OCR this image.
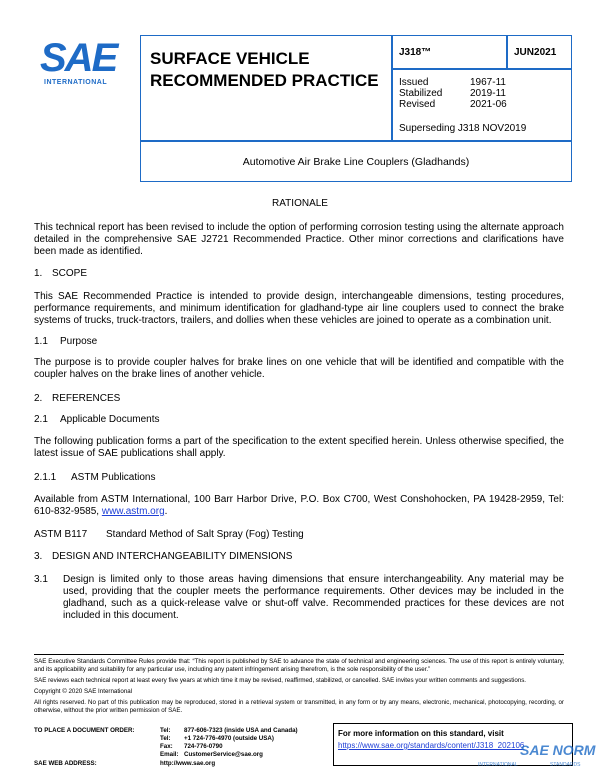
SAE
INTERNATIONAL
SURFACE VEHICLE
RECOMMENDED PRACTICE
J318™	JUN2021
Issued	1967-11
Stabilized	2019-11
Revised	2021-06
Superseding J318 NOV2019
Automotive Air Brake Line Couplers (Gladhands)
RATIONALE

This technical report has been revised to include the option of performing corrosion testing using the alternate approach detailed in the comprehensive SAE J2721 Recommended Practice. Other minor corrections and clarifications have been made as identified.

1. SCOPE

This SAE Recommended Practice is intended to provide design, interchangeable dimensions, testing procedures, performance requirements, and minimum identification for gladhand-type air line couplers used to connect the brake systems of trucks, truck-tractors, trailers, and dollies when these vehicles are joined to operate as a combination unit.

1.1 Purpose

The purpose is to provide coupler halves for brake lines on one vehicle that will be identified and compatible with the coupler halves on the brake lines of another vehicle.

2. REFERENCES
2.1 Applicable Documents

The following publication forms a part of the specification to the extent specified herein. Unless otherwise specified, the latest issue of SAE publications shall apply.

2.1.1 ASTM Publications

Available from ASTM International, 100 Barr Harbor Drive, P.O. Box C700, West Conshohocken, PA 19428-2959, Tel: 610-832-9585, www.astm.org.

ASTM B117 Standard Method of Salt Spray (Fog) Testing
3. DESIGN AND INTERCHANGEABILITY DIMENSIONS
3.1 Design is limited only to those areas having dimensions that ensure interchangeability. Any material may be used, providing that the coupler meets the performance requirements. Other devices may be included in the gladhand, such as a quick-release valve or shut-off valve. Recommended practices for these devices are not included in this document.

SAE Executive Standards Committee Rules provide that: “This report is published by SAE to advance the state of technical and engineering sciences. The use of this report is entirely voluntary, and its applicability and suitability for any particular use, including any patent infringement arising therefrom, is the sole responsibility of the user.”

SAE reviews each technical report at least every five years at which time it may be revised, reaffirmed, stabilized, or cancelled. SAE invites your written comments and suggestions.

Copyright © 2020 SAE International

All rights reserved. No part of this publication may be reproduced, stored in a retrieval system or transmitted, in any form or by any means, electronic, mechanical, photocopying, recording, or otherwise, without the prior written permission of SAE.

TO PLACE A DOCUMENT ORDER:	Tel: 877-606-7323 (inside USA and Canada)
Tel: +1 724-776-4970 (outside USA)
Fax: 724-776-0790
Email: CustomerService@sae.org
SAE WEB ADDRESS:	http://www.sae.org
For more information on this standard, visit
https://www.sae.org/standards/content/J318_202106
SAE NORM
INTERNATIONAL	STANDARDS
